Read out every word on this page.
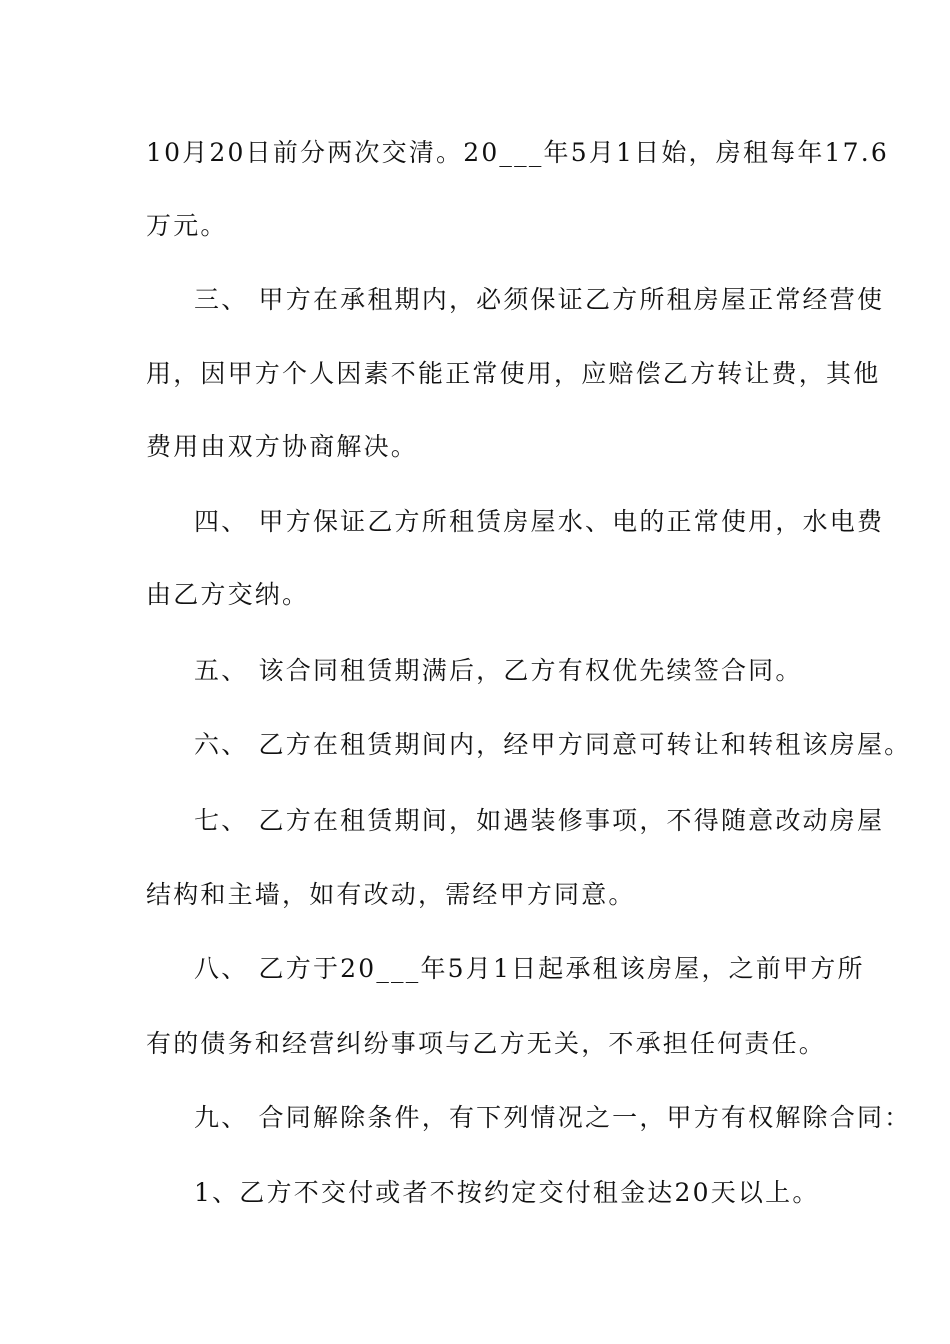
10月20日前分两次交清。20___年5月1日始，房租每年17.6
万元。
三、 甲方在承租期内，必须保证乙方所租房屋正常经营使
用，因甲方个人因素不能正常使用，应赔偿乙方转让费，其他
费用由双方协商解决。
四、 甲方保证乙方所租赁房屋水、电的正常使用，水电费
由乙方交纳。
五、 该合同租赁期满后，乙方有权优先续签合同。
六、 乙方在租赁期间内，经甲方同意可转让和转租该房屋。
七、 乙方在租赁期间，如遇装修事项，不得随意改动房屋
结构和主墙，如有改动，需经甲方同意。
八、 乙方于20___年5月1日起承租该房屋，之前甲方所
有的债务和经营纠纷事项与乙方无关，不承担任何责任。
九、 合同解除条件，有下列情况之一，甲方有权解除合同：
1、乙方不交付或者不按约定交付租金达20天以上。
